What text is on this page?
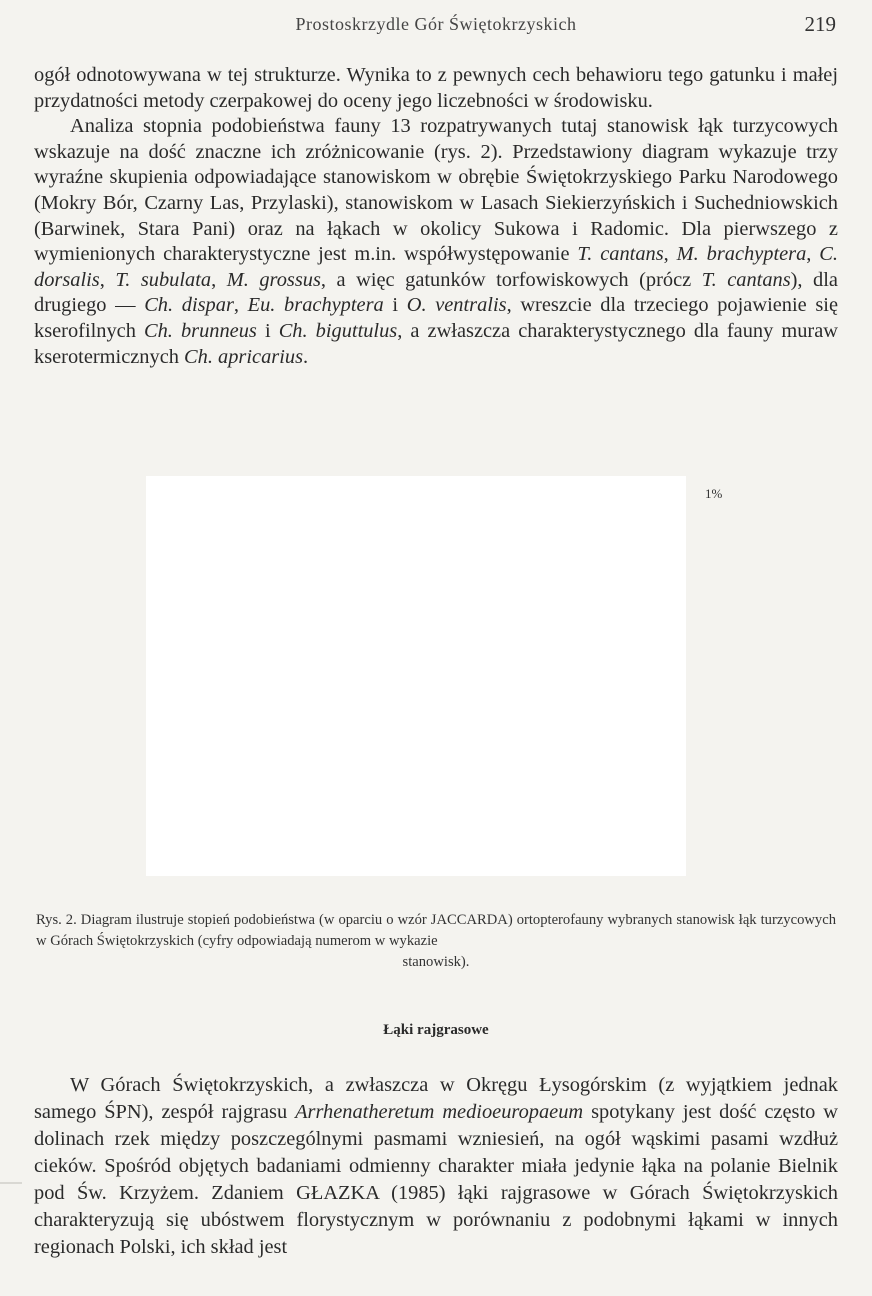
Prostoskrzydle Gór Świętokrzyskich	219

ogół odnotowywana w tej strukturze. Wynika to z pewnych cech behawioru tego gatunku i małej przydatności metody czerpakowej do oceny jego liczebności w środowisku.

Analiza stopnia podobieństwa fauny 13 rozpatrywanych tutaj stanowisk łąk turzycowych wskazuje na dość znaczne ich zróżnicowanie (rys. 2). Przedstawiony diagram wykazuje trzy wyraźne skupienia odpowiadające stanowiskom w obrębie Świętokrzyskiego Parku Narodowego (Mokry Bór, Czarny Las, Przylaski), stanowiskom w Lasach Siekierzyńskich i Suchedniowskich (Barwinek, Stara Pani) oraz na łąkach w okolicy Sukowa i Radomic. Dla pierwszego z wymienionych charakterystyczne jest m.in. współwystępowanie T. cantans, M. brachyptera, C. dorsalis, T. subulata, M. grossus, a więc gatunków torfowiskowych (prócz T. cantans), dla drugiego — Ch. dispar, Eu. brachyptera i O. ventralis, wreszcie dla trzeciego pojawienie się kserofilnych Ch. brunneus i Ch. biguttulus, a zwłaszcza charakterystycznego dla fauny muraw kserotermicznych Ch. apricarius.

1%
Rys. 2. Diagram ilustruje stopień podobieństwa (w oparciu o wzór JACCARDA) ortopterofauny wybranych stanowisk łąk turzycowych w Górach Świętokrzyskich (cyfry odpowiadają numerom w wykazie
stanowisk).
Łąki rajgrasowe

W Górach Świętokrzyskich, a zwłaszcza w Okręgu Łysogórskim (z wyjątkiem jednak samego ŚPN), zespół rajgrasu Arrhenatheretum medioeuropaeum spotykany jest dość często w dolinach rzek między poszczególnymi pasmami wzniesień, na ogół wąskimi pasami wzdłuż cieków. Spośród objętych badaniami odmienny charakter miała jedynie łąka na polanie Bielnik pod Św. Krzyżem. Zdaniem GŁAZKA (1985) łąki rajgrasowe w Górach Świętokrzyskich charakteryzują się ubóstwem florystycznym w porównaniu z podobnymi łąkami w innych regionach Polski, ich skład jest
